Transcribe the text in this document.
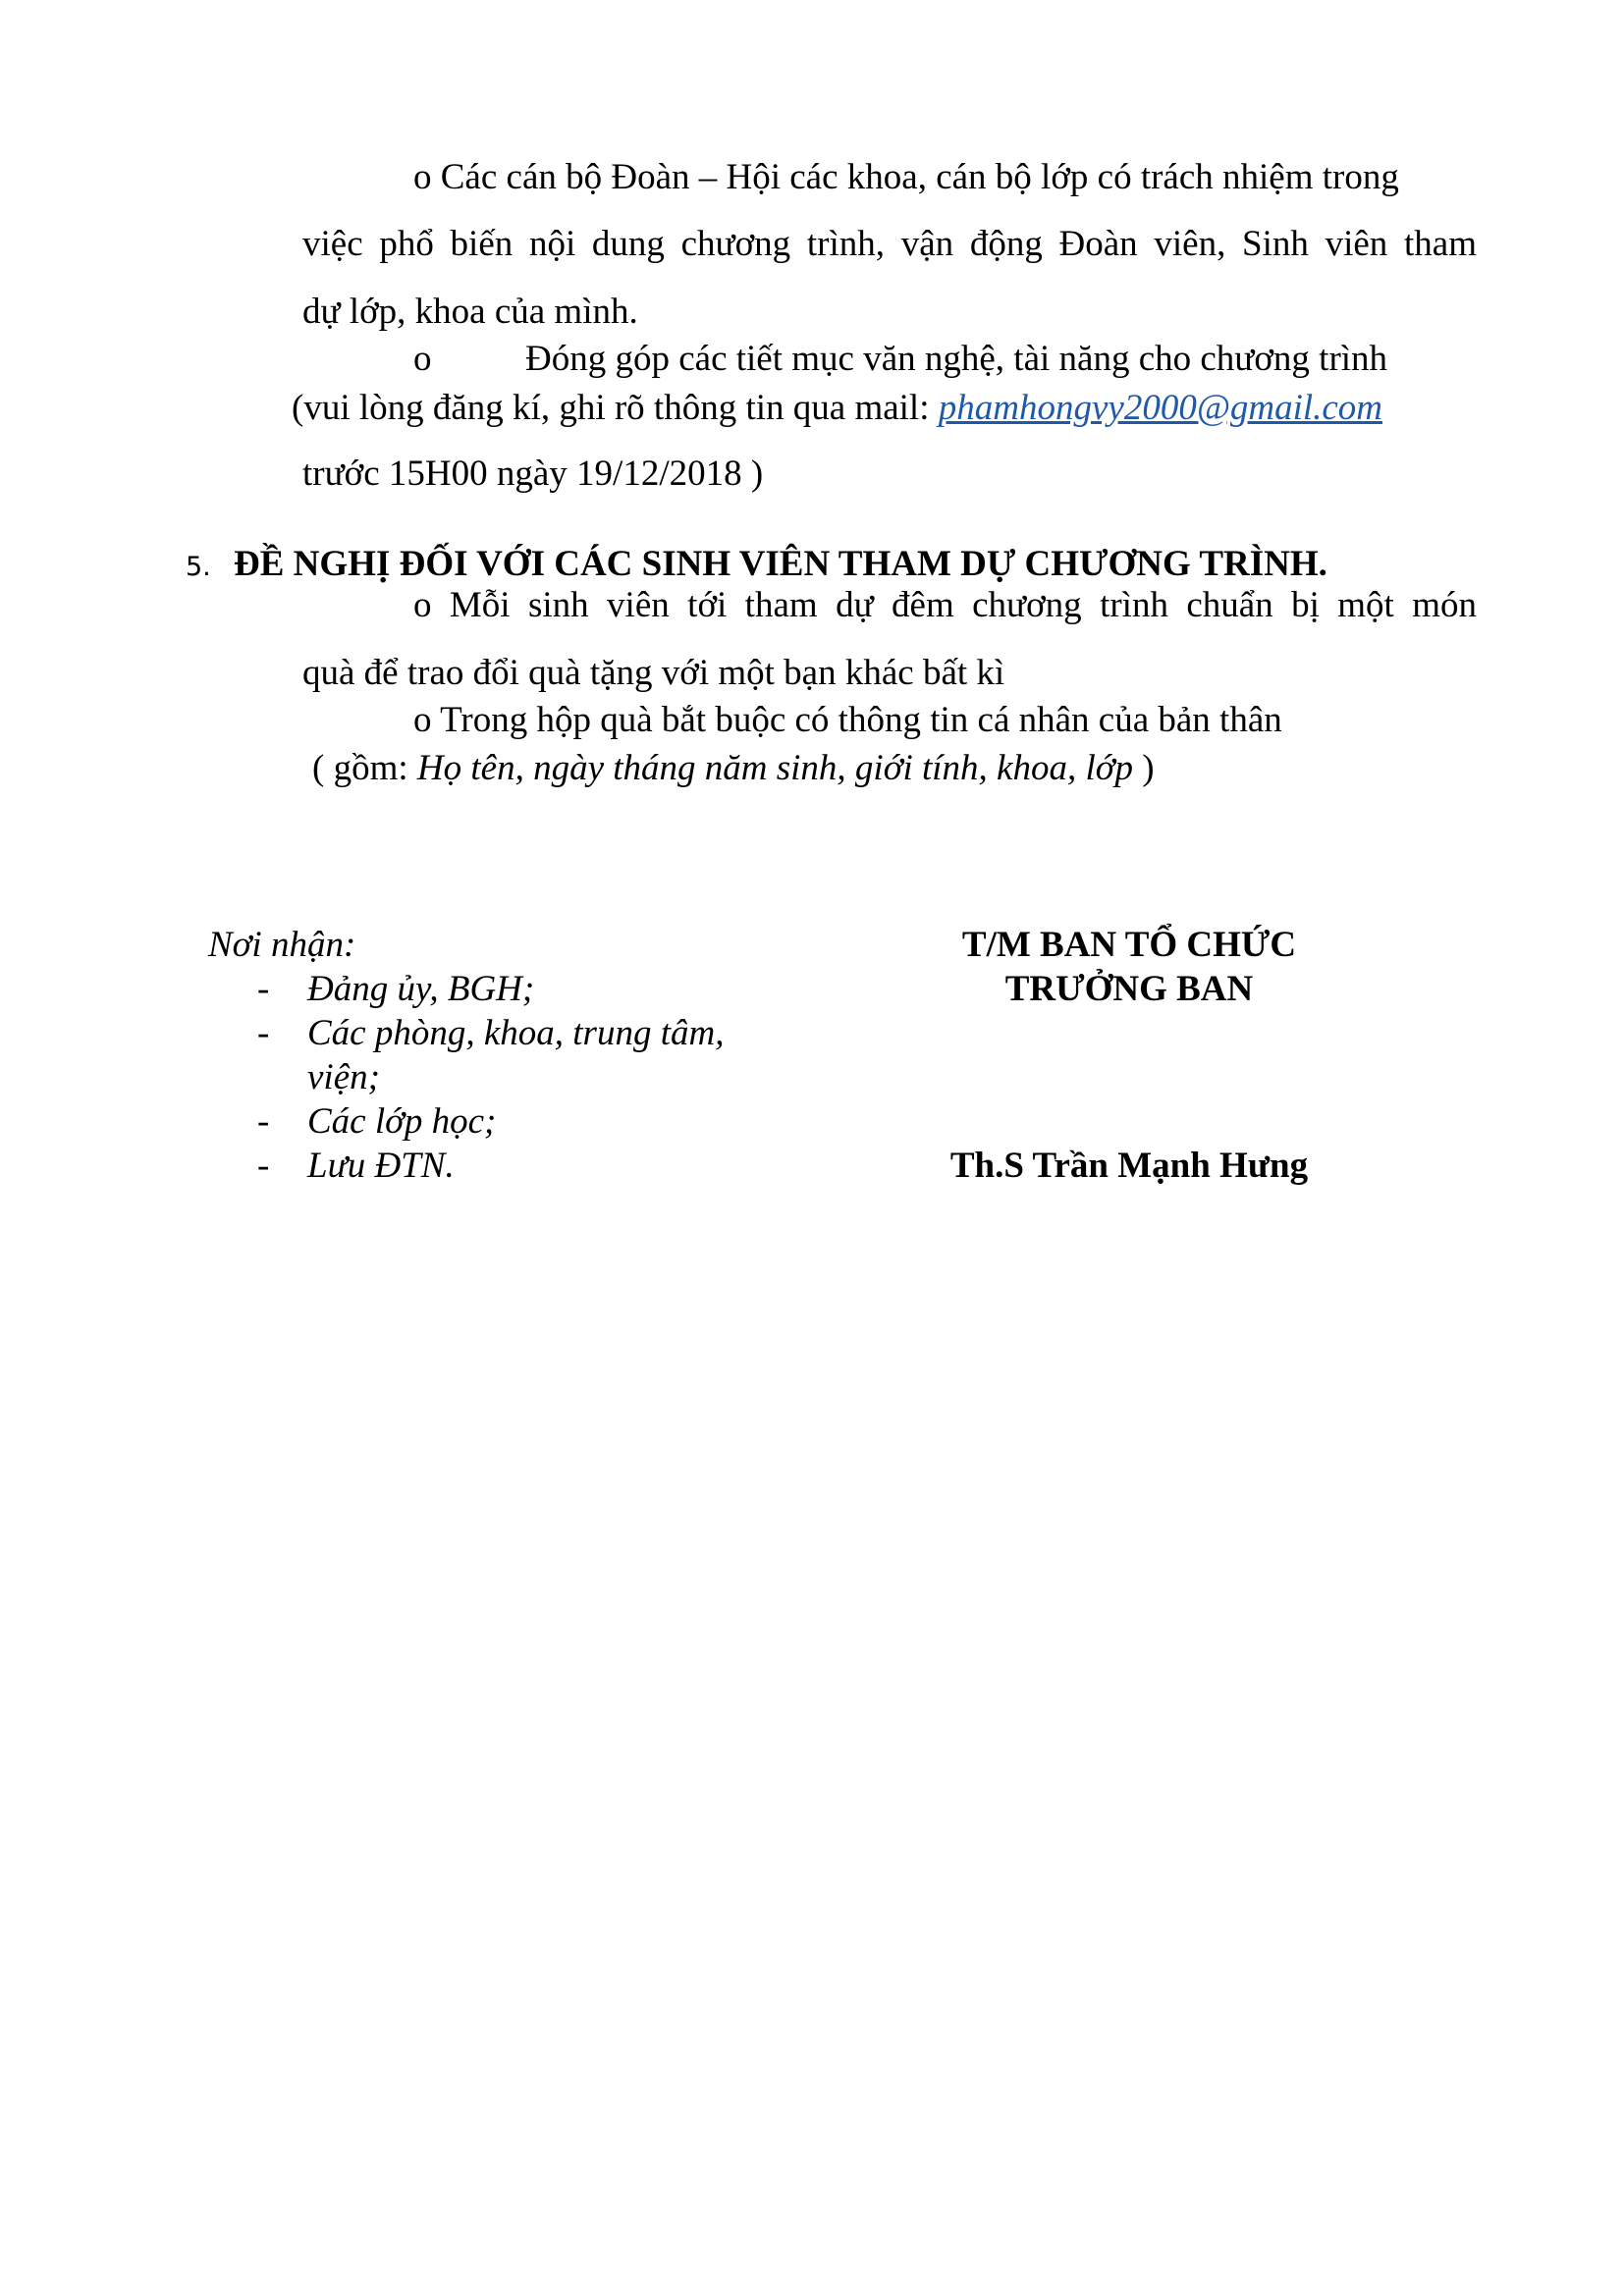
o Các cán bộ Đoàn – Hội các khoa, cán bộ lớp có trách nhiệm trong
việc phổ biến nội dung chương trình, vận động Đoàn viên, Sinh viên tham
dự lớp, khoa của mình.
o	Đóng góp các tiết mục văn nghệ, tài năng cho chương trình
(vui lòng đăng kí, ghi rõ thông tin qua mail: phamhongvy2000@gmail.com
trước 15H00 ngày 19/12/2018 )
5. ĐỀ NGHỊ ĐỐI VỚI CÁC SINH VIÊN THAM DỰ CHƯƠNG TRÌNH.
o Mỗi sinh viên tới tham dự đêm chương trình chuẩn bị một món
quà để trao đổi quà tặng với một bạn khác bất kì
o Trong hộp quà bắt buộc có thông tin cá nhân của bản thân
( gồm: Họ tên, ngày tháng năm sinh, giới tính, khoa, lớp )
Nơi nhận:
- Đảng ủy, BGH;
- Các phòng, khoa, trung tâm,
viện;
- Các lớp học;
- Lưu ĐTN.
T/M BAN TỔ CHỨC
TRƯỞNG BAN
Th.S Trần Mạnh Hưng
